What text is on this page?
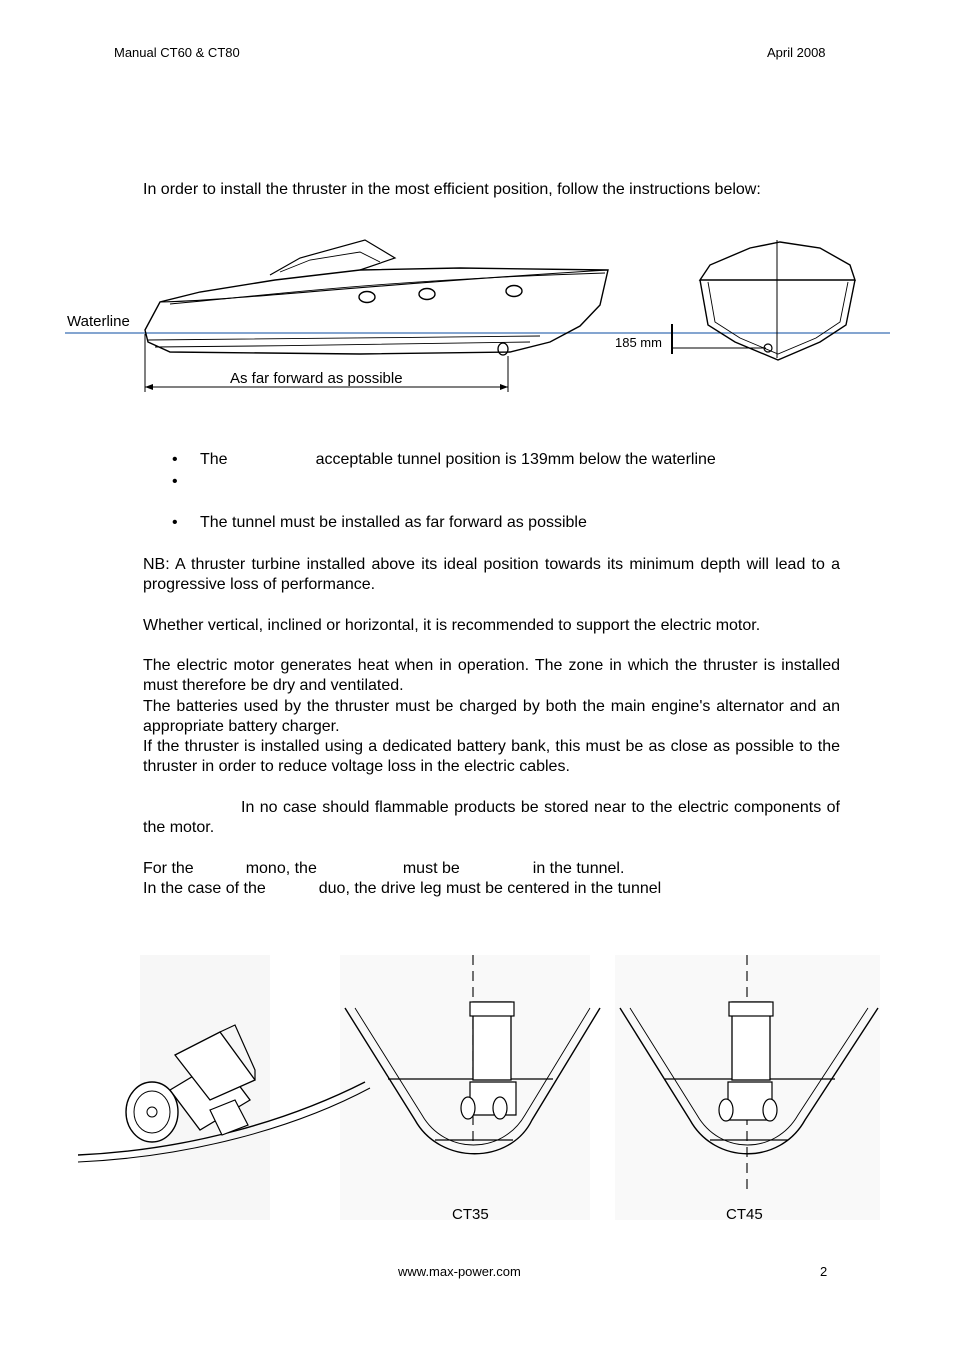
Manual CT60 & CT80	April 2008
In order to install the thruster in the most efficient position, follow the instructions below:
Waterline
As far forward as possible
185 mm
• The	acceptable tunnel position is 139mm below the waterline
•
• The tunnel must be installed as far forward as possible
NB: A thruster turbine installed above its ideal position towards its minimum depth will lead to a progressive loss of performance.
Whether vertical, inclined or horizontal, it is recommended to support the electric motor.
The electric motor generates heat when in operation. The zone in which the thruster is installed must therefore be dry and ventilated.
The batteries used by the thruster must be charged by both the main engine's alternator and an appropriate battery charger.
If the thruster is installed using a dedicated battery bank, this must be as close as possible to the thruster in order to reduce voltage loss in the electric cables.
In no case should flammable products be stored near to the electric components of the motor.
For the	mono, the	must be	in the tunnel.
In the case of the	duo, the drive leg must be centered in the tunnel
CT35	CT45
www.max-power.com	2
